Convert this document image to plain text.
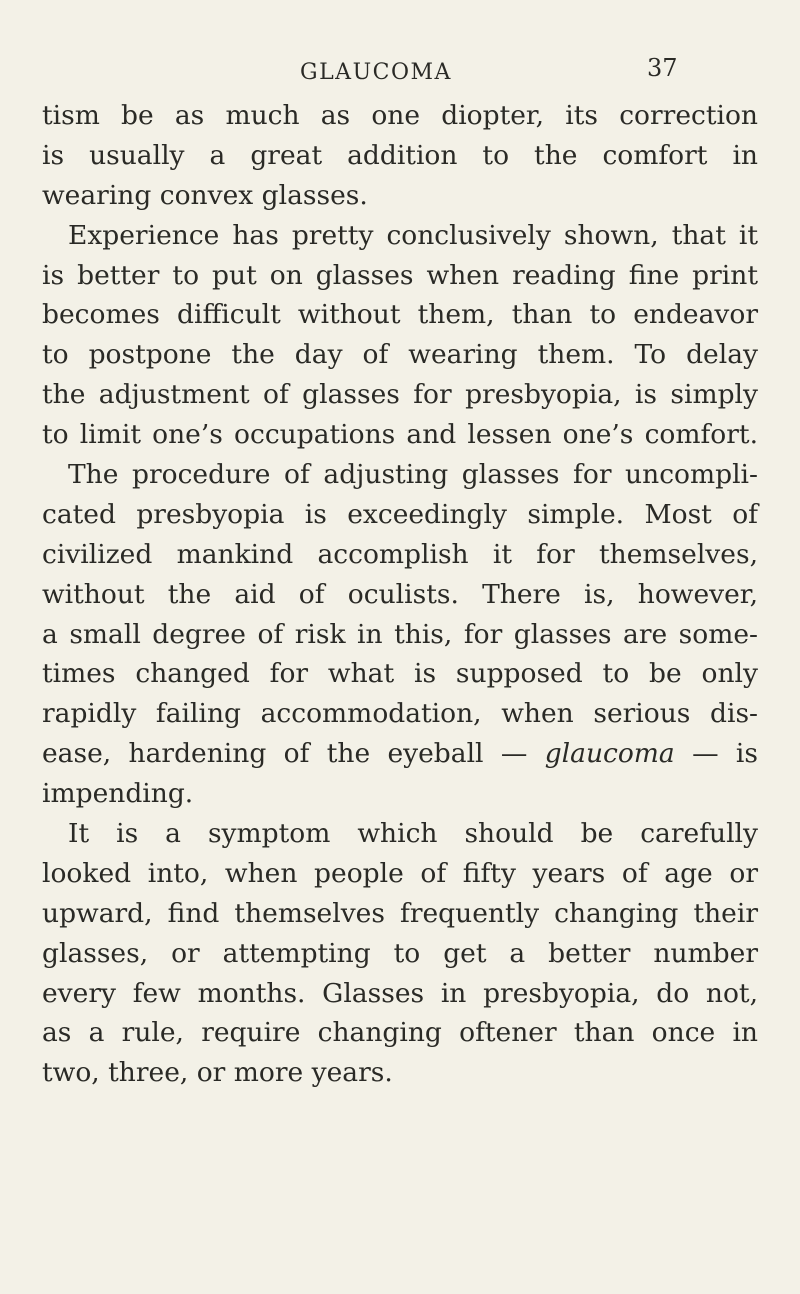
GLAUCOMA	37
tism be as much as one diopter, its correction
is usually a great addition to the comfort in
wearing convex glasses.
Experience has pretty conclusively shown, that it
is better to put on glasses when reading fine print
becomes difficult without them, than to endeavor
to postpone the day of wearing them. To delay
the adjustment of glasses for presbyopia, is simply
to limit one’s occupations and lessen one’s comfort.
The procedure of adjusting glasses for uncompli-
cated presbyopia is exceedingly simple. Most of
civilized mankind accomplish it for themselves,
without the aid of oculists. There is, however,
a small degree of risk in this, for glasses are some-
times changed for what is supposed to be only
rapidly failing accommodation, when serious dis-
ease, hardening of the eyeball — glaucoma — is
impending.
It is a symptom which should be carefully
looked into, when people of fifty years of age or
upward, find themselves frequently changing their
glasses, or attempting to get a better number
every few months. Glasses in presbyopia, do not,
as a rule, require changing oftener than once in
two, three, or more years.
